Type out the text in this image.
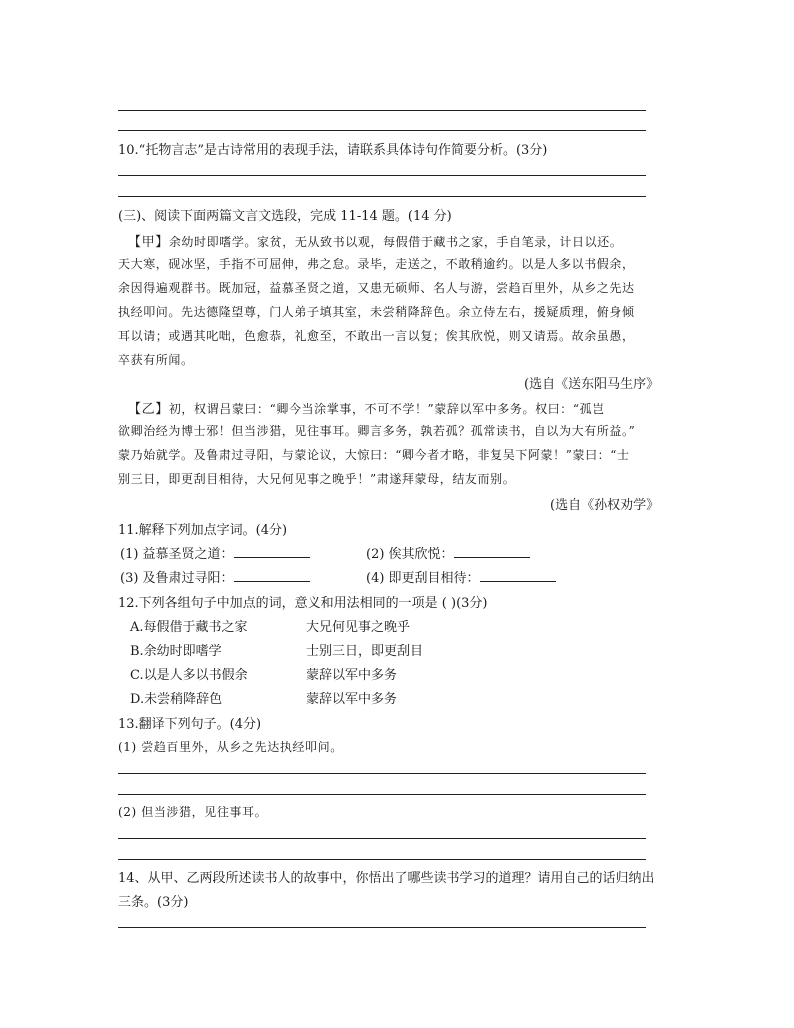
10.“托物言志”是古诗常用的表现手法，请联系具体诗句作简要分析。(3分)
(三)、阅读下面两篇文言文选段，完成 11-14 题。(14 分)
【甲】余幼时即嗜学。家贫，无从致书以观，每假借于藏书之家，手自笔录，计日以还。
天大寒，砚冰坚，手指不可屈伸，弗之怠。录毕，走送之，不敢稍逾约。以是人多以书假余，
余因得遍观群书。既加冠，益慕圣贤之道，又患无硕师、名人与游，尝趋百里外，从乡之先达
执经叩问。先达德隆望尊，门人弟子填其室，未尝稍降辞色。余立侍左右，援疑质理，俯身倾
耳以请；或遇其叱咄，色愈恭，礼愈至，不敢出一言以复；俟其欣悦，则又请焉。故余虽愚，
卒获有所闻。
(选自《送东阳马生序》
【乙】初，权谓吕蒙曰：“卿今当涂掌事，不可不学！”蒙辞以军中多务。权曰：“孤岂
欲卿治经为博士邪！但当涉猎，见往事耳。卿言多务，孰若孤？孤常读书，自以为大有所益。”
蒙乃始就学。及鲁肃过寻阳，与蒙论议，大惊曰：“卿今者才略，非复吴下阿蒙！”蒙曰：“士
别三日，即更刮目相待，大兄何见事之晚乎！”肃遂拜蒙母，结友而别。
(选自《孙权劝学》
11.解释下列加点字词。(4分)
(1) 益慕圣贤之道：	(2) 俟其欣悦：
(3) 及鲁肃过寻阳：	(4) 即更刮目相待：
12.下列各组句子中加点的词，意义和用法相同的一项是 ( )(3分)
A.每假借于藏书之家	大兄何见事之晚乎
B.余幼时即嗜学	士别三日，即更刮目
C.以是人多以书假余	蒙辞以军中多务
D.未尝稍降辞色	蒙辞以军中多务
13.翻译下列句子。(4分)
(1) 尝趋百里外，从乡之先达执经叩问。
(2) 但当涉猎，见往事耳。
14、从甲、乙两段所述读书人的故事中，你悟出了哪些读书学习的道理？请用自己的话归纳出
三条。(3分)
